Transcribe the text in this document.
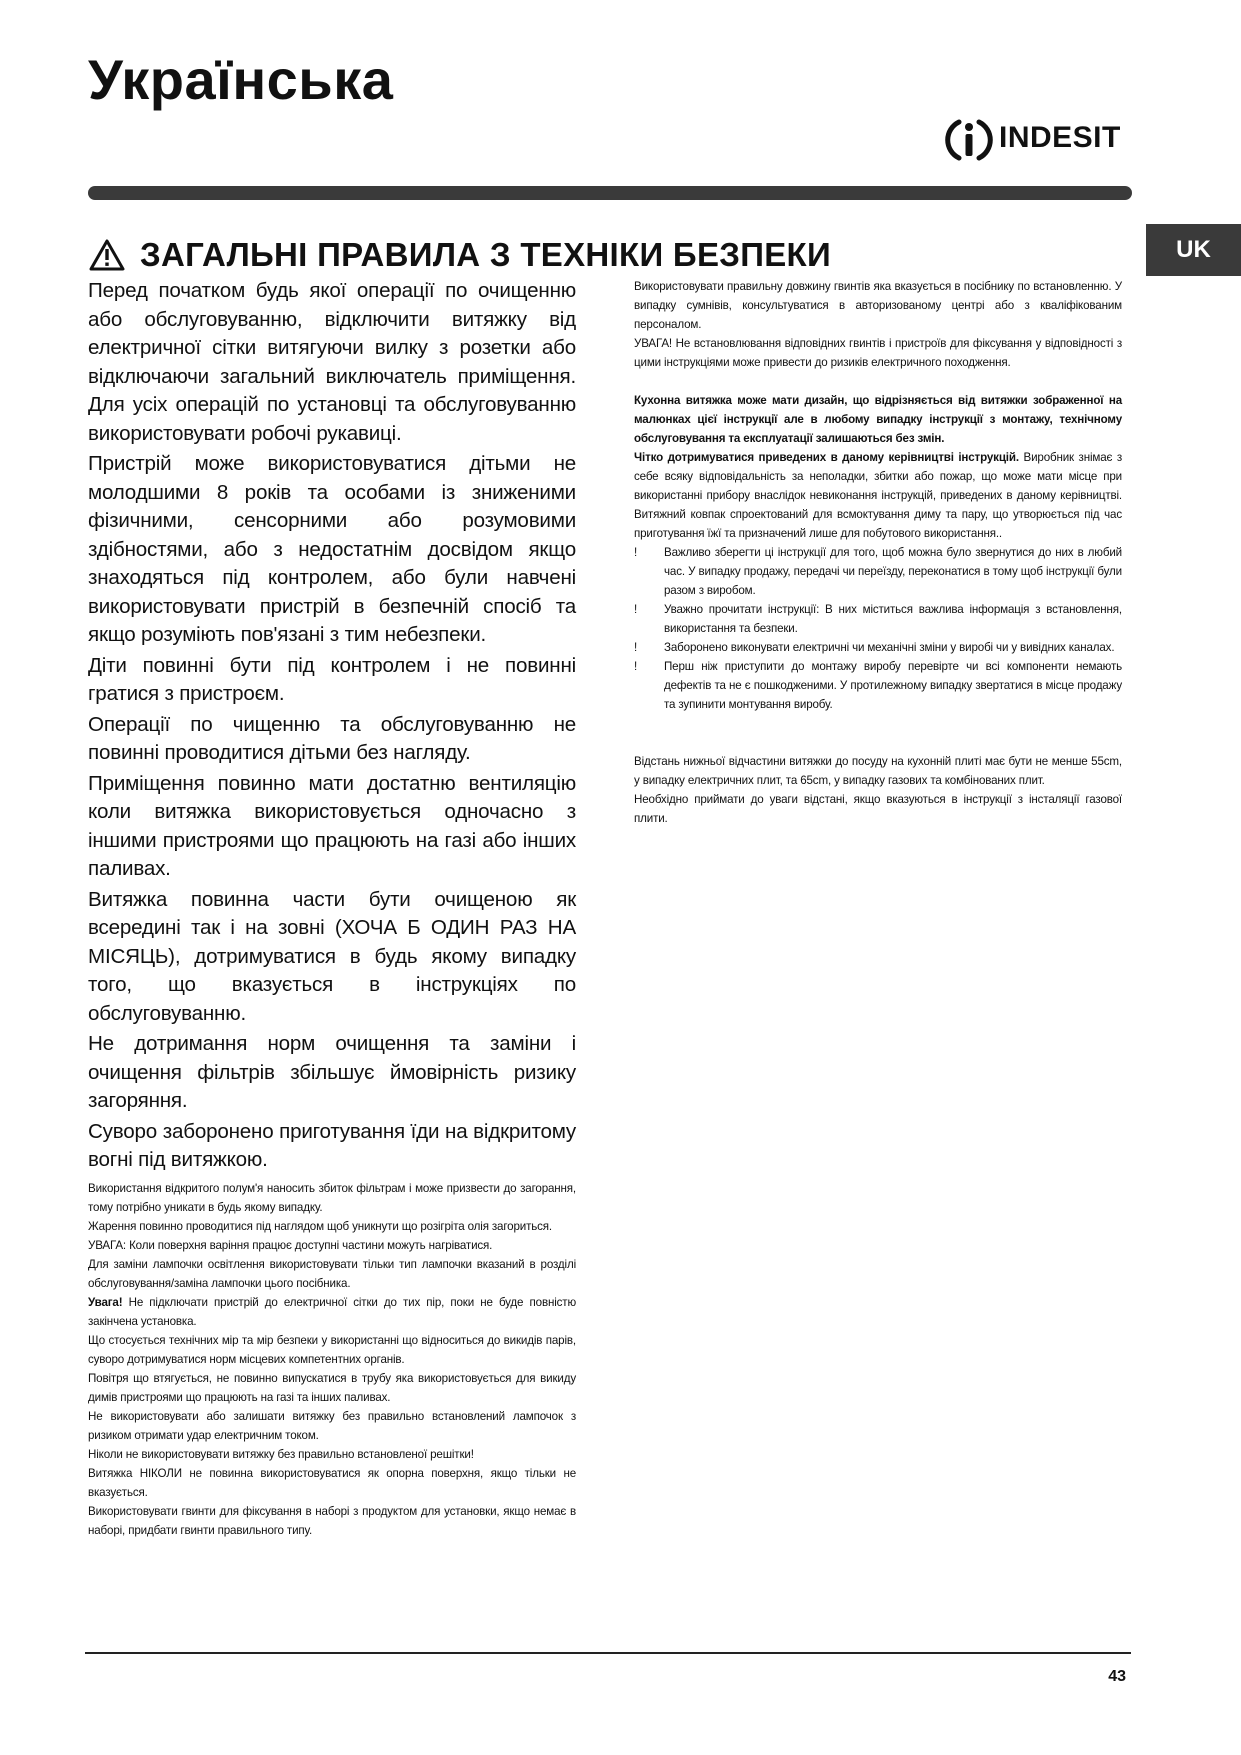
Українська
INDESIT
UK
ЗАГАЛЬНІ ПРАВИЛА З ТЕХНІКИ БЕЗПЕКИ

Перед початком будь якої операції по очищенню або обслуговуванню, відключити витяжку від електричної сітки витягуючи вилку з розетки або відключаючи загальний виключатель приміщення. Для усіх операцій по установці та обслуговуванню використовувати робочі рукавиці.

Пристрій може використовуватися дітьми не молодшими 8 років та особами із зниженими фізичними, сенсорними або розумовими здібностями, або з недостатнім досвідом якщо знаходяться під контролем, або були навчені використовувати пристрій в безпечній спосіб та якщо розуміють пов'язані з тим небезпеки.

Діти повинні бути під контролем і не повинні гратися з пристроєм.

Операції по чищенню та обслуговуванню не повинні проводитися дітьми без нагляду.

Приміщення повинно мати достатню вентиляцію коли витяжка використовується одночасно з іншими пристроями що працюють на газі або інших паливах.

Витяжка повинна части бути очищеною як всередині так і на зовні (ХОЧА Б ОДИН РАЗ НА МІСЯЦЬ), дотримуватися в будь якому випадку того, що вказується в інструкціях по обслуговуванню.

Не дотримання норм очищення та заміни і очищення фільтрів збільшує ймовірність ризику загоряння.

Суворо заборонено приготування їди на відкритому вогні під витяжкою.

Використання відкритого полум'я наносить збиток фільтрам і може призвести до загорання, тому потрібно уникати в будь якому випадку.

Жарення повинно проводитися під наглядом щоб уникнути що розігріта олія загориться.

УВАГА: Коли поверхня варіння працює доступні частини можуть нагріватися.

Для заміни лампочки освітлення використовувати тільки тип лампочки вказаний в розділі обслуговування/заміна лампочки цього посібника.

Увага! Не підключати пристрій до електричної сітки до тих пір, поки не буде повністю закінчена установка.

Що стосується технічних мір та мір безпеки у використанні що відноситься до викидів парів, суворо дотримуватися норм місцевих компетентних органів.

Повітря що втягується, не повинно випускатися в трубу яка використовується для викиду димів пристроями що працюють на газі та інших паливах.

Не використовувати або залишати витяжку без правильно встановлений лампочок з ризиком отримати удар електричним током.

Ніколи не використовувати витяжку без правильно встановленої решітки!

Витяжка НІКОЛИ не повинна використовуватися як опорна поверхня, якщо тільки не вказується.

Використовувати гвинти для фіксування в наборі з продуктом для установки, якщо немає в наборі, придбати гвинти правильного типу.

Використовувати правильну довжину гвинтів яка вказується в посібнику по встановленню. У випадку сумнівів, консультуватися в авторизованому центрі або з кваліфікованим персоналом.

УВАГА! Не встановлювання відповідних гвинтів і пристроїв для фіксування у відповідності з цими інструкціями може привести до ризиків електричного походження.

Кухонна витяжка може мати дизайн, що відрізняється від витяжки зображенної на малюнках цієї інструкції але в любому випадку інструкції з монтажу, технічному обслуговування та експлуатації залишаються без змін.

Чітко дотримуватися приведених в даному керівництві інструкцій. Виробник знімає з себе всяку відповідальність за неполадки, збитки або пожар, що може мати місце при використанні прибору внаслідок невиконання інструкцій, приведених в даному керівництві. Витяжний ковпак спроектований для всмоктування диму та пару, що утворюється під час приготування їжї та призначений лише для побутового використання..

!	Важливо зберегти ці інструкції для того, щоб можна було звернутися до них в любий час. У випадку продажу, передачі чи переїзду, переконатися в тому щоб інструкції були разом з виробом.
!	Уважно прочитати інструкції: В них міститься важлива інформація з встановлення, використання та безпеки.
!	Заборонено виконувати електричні чи механічні зміни у виробі чи у вивідних каналах.
!	Перш ніж приступити до монтажу виробу перевірте чи всі компоненти немають дефектів та не є пошкодженими. У протилежному випадку звертатися в місце продажу та зупинити монтування виробу.

Відстань нижньої відчастини витяжки до посуду на кухонній плиті має бути не менше 55cm, у випадку електричних плит, та 65cm, у випадку газових та комбінованих плит.

Необхідно приймати до уваги відстані, якщо вказуються в інструкції з інсталяції газової плити.

43
